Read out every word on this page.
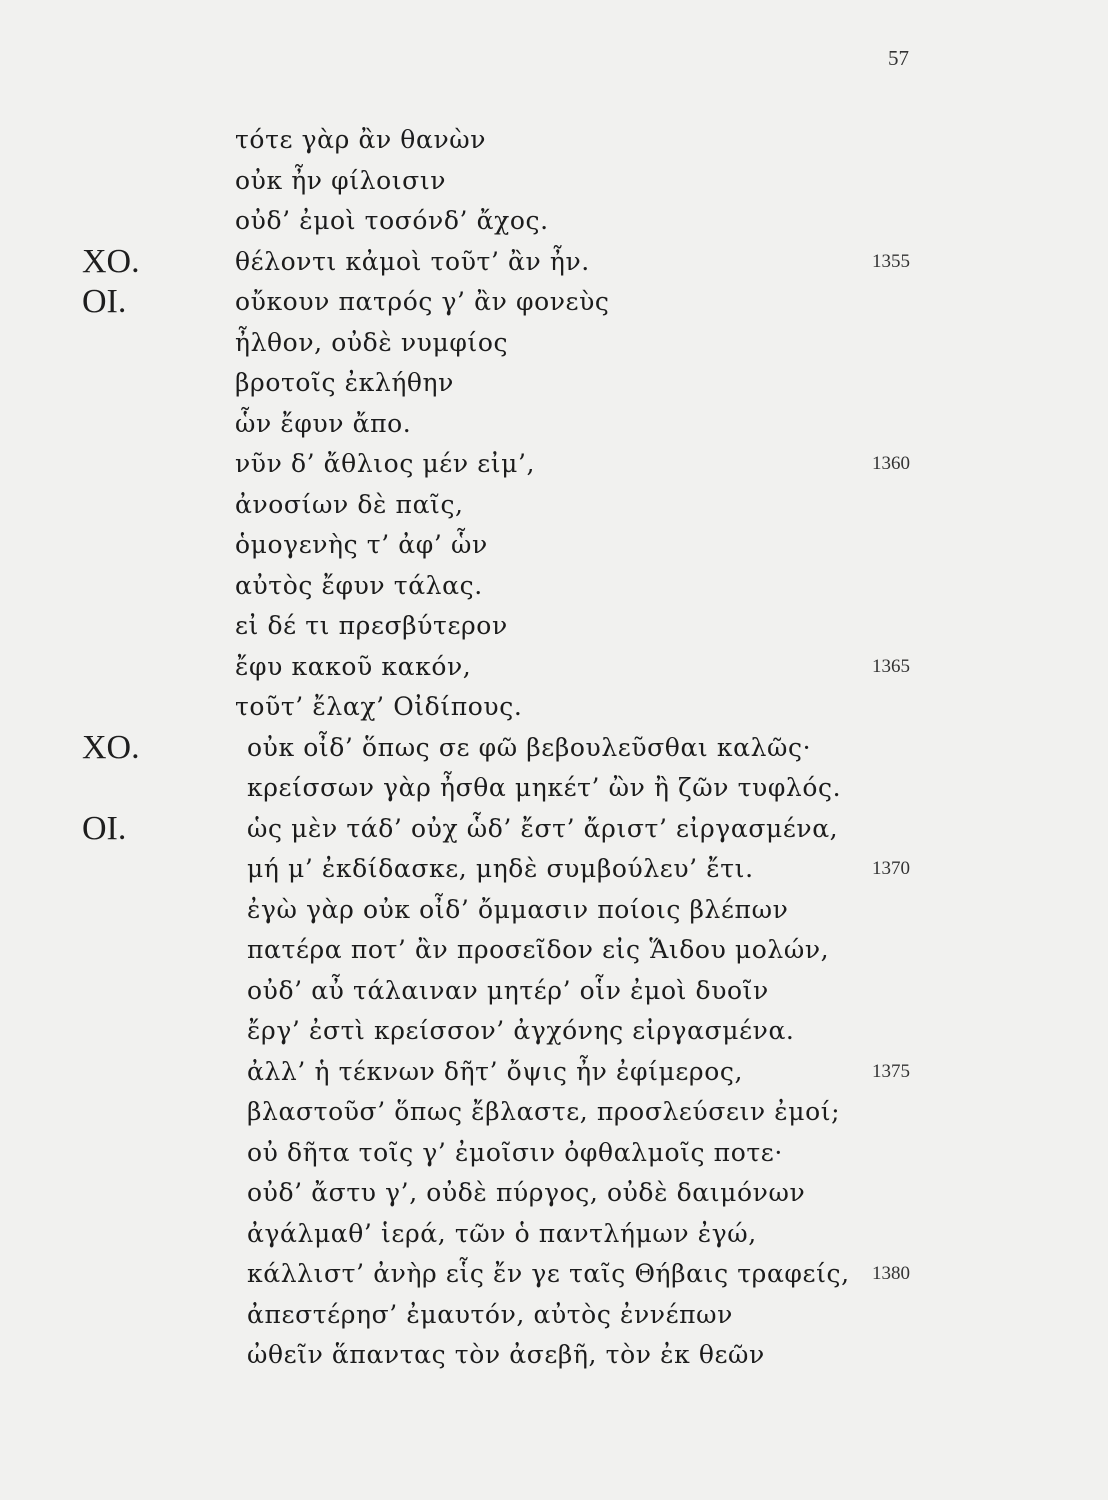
57
τότε γὰρ ἂν θανὼν
οὐκ ἦν φίλοισιν
οὐδ’ ἐμοὶ τοσόνδ’ ἄχος.
ΧΟ.	θέλοντι κἀμοὶ τοῦτ’ ἂν ἦν.	1355
ΟΙ.	οὔκουν πατρός γ’ ἂν φονεὺς
ἦλθον, οὐδὲ νυμφίος
βροτοῖς ἐκλήθην
ὧν ἔφυν ἄπο.
νῦν δ’ ἄθλιος μέν εἰμ’,	1360
ἀνοσίων δὲ παῖς,
ὁμογενὴς τ’ ἀφ’ ὧν
αὐτὸς ἔφυν τάλας.
εἰ δέ τι πρεσβύτερον
ἔφυ κακοῦ κακόν,	1365
τοῦτ’ ἔλαχ’ Οἰδίπους.
ΧΟ.	οὐκ οἶδ’ ὅπως σε φῶ βεβουλεῦσθαι καλῶς·
κρείσσων γὰρ ἦσθα μηκέτ’ ὢν ἢ ζῶν τυφλός.
ΟΙ.	ὡς μὲν τάδ’ οὐχ ὧδ’ ἔστ’ ἄριστ’ εἰργασμένα,
μή μ’ ἐκδίδασκε, μηδὲ συμβούλευ’ ἔτι.	1370
ἐγὼ γὰρ οὐκ οἶδ’ ὄμμασιν ποίοις βλέπων
πατέρα ποτ’ ἂν προσεῖδον εἰς Ἅιδου μολών,
οὐδ’ αὖ τάλαιναν μητέρ’ οἷν ἐμοὶ δυοῖν
ἔργ’ ἐστὶ κρείσσον’ ἀγχόνης εἰργασμένα.
ἀλλ’ ἡ τέκνων δῆτ’ ὄψις ἦν ἐφίμερος,	1375
βλαστοῦσ’ ὅπως ἔβλαστε, προσλεύσειν ἐμοί;
οὐ δῆτα τοῖς γ’ ἐμοῖσιν ὀφθαλμοῖς ποτε·
οὐδ’ ἄστυ γ’, οὐδὲ πύργος, οὐδὲ δαιμόνων
ἀγάλμαθ’ ἱερά, τῶν ὁ παντλήμων ἐγώ,
κάλλιστ’ ἀνὴρ εἷς ἔν γε ταῖς Θήβαις τραφείς, 1380
ἀπεστέρησ’ ἐμαυτόν, αὐτὸς ἐννέπων
ὠθεῖν ἅπαντας τὸν ἀσεβῆ, τὸν ἐκ θεῶν
